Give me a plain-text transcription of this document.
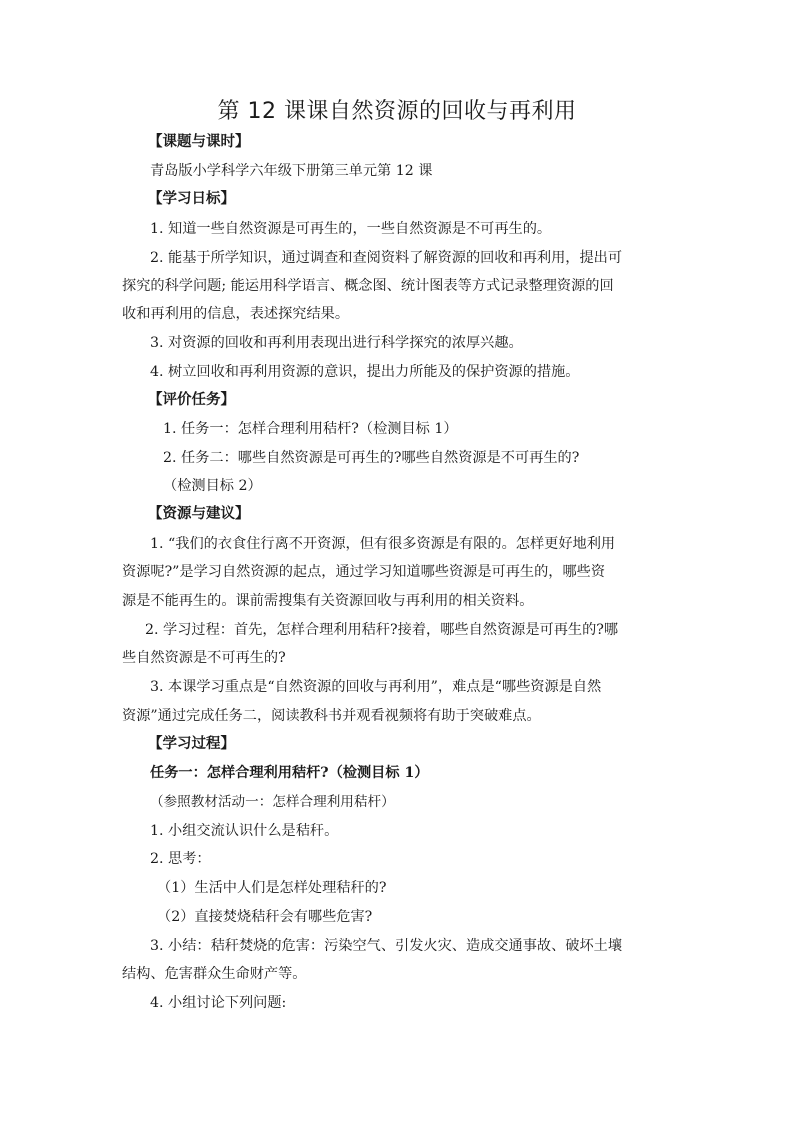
第 12 课课自然资源的回收与再利用
【课题与课时】
青岛版小学科学六年级下册第三单元第 12 课
【学习日标】
1. 知道一些自然资源是可再生的，一些自然资源是不可再生的。
2. 能基于所学知识，通过调查和查阅资料了解资源的回收和再利用，提出可
探究的科学问题; 能运用科学语言、概念图、统计图表等方式记录整理资源的回
收和再利用的信息，表述探究结果。
3. 对资源的回收和再利用表现出进行科学探究的浓厚兴趣。
4. 树立回收和再利用资源的意识，提出力所能及的保护资源的措施。
【评价任务】
1. 任务一：怎样合理利用秸杆?（检测目标 1）
2. 任务二：哪些自然资源是可再生的?哪些自然资源是不可再生的?
（检测目标 2）
【资源与建议】
1. “我们的衣食住行离不开资源，但有很多资源是有限的。怎样更好地利用
资源呢?”是学习自然资源的起点，通过学习知道哪些资源是可再生的，哪些资
源是不能再生的。课前需搜集有关资源回收与再利用的相关资料。
2. 学习过程：首先，怎样合理利用秸秆?接着，哪些自然资源是可再生的?哪
些自然资源是不可再生的?
3. 本课学习重点是“自然资源的回收与再利用”，难点是“哪些资源是自然
资源”通过完成任务二，阅读教科书并观看视频将有助于突破难点。
【学习过程】
任务一：怎样合理利用秸杆?（检测目标 1）
（参照教材活动一：怎样合理利用秸杆）
1. 小组交流认识什么是秸秆。
2. 思考：
（1）生活中人们是怎样处理秸秆的?
（2）直接焚烧秸秆会有哪些危害?
3. 小结：秸秆焚烧的危害：污染空气、引发火灾、造成交通事故、破坏土壤
结构、危害群众生命财产等。
4. 小组讨论下列问题:
